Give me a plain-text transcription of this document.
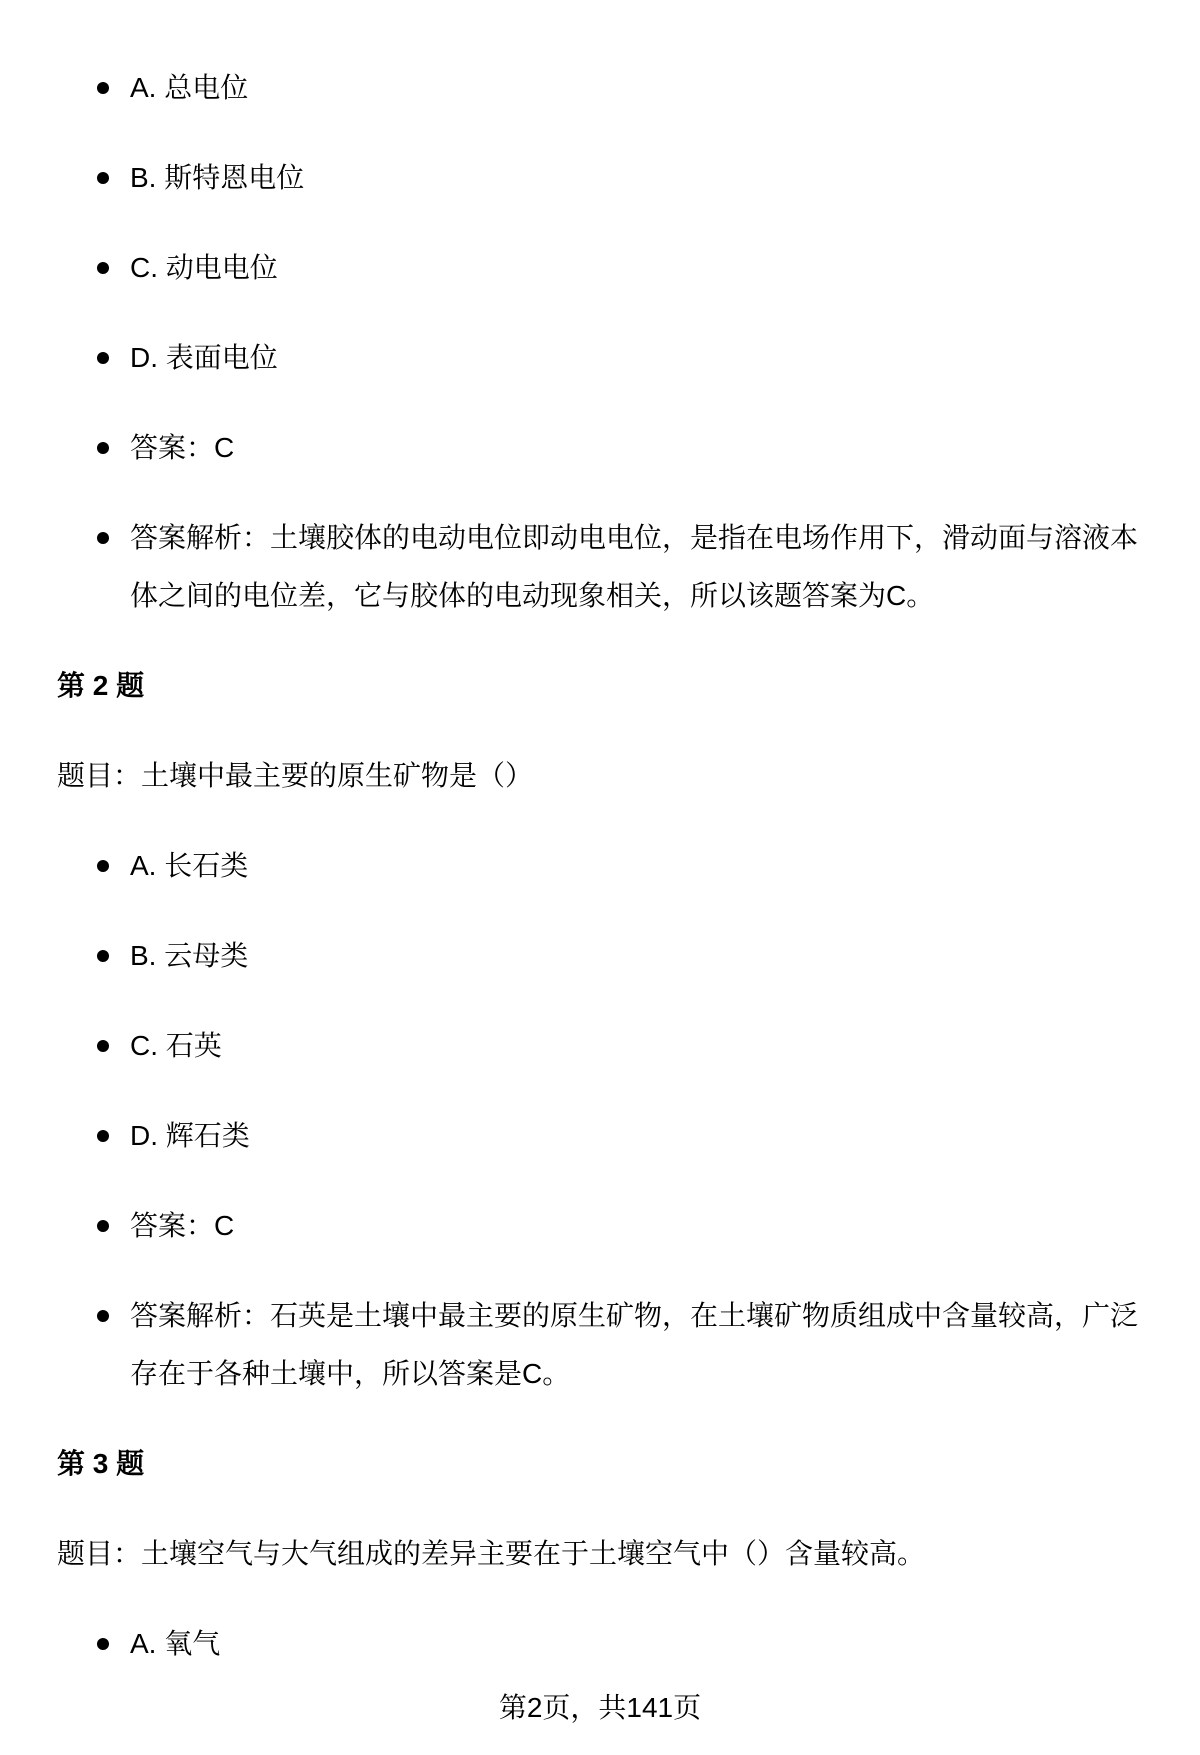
A. 总电位
B. 斯特恩电位
C. 动电电位
D. 表面电位
答案：C
答案解析：土壤胶体的电动电位即动电电位，是指在电场作用下，滑动面与溶液本体之间的电位差，它与胶体的电动现象相关，所以该题答案为C。
第 2 题
题目：土壤中最主要的原生矿物是（）
A. 长石类
B. 云母类
C. 石英
D. 辉石类
答案：C
答案解析：石英是土壤中最主要的原生矿物，在土壤矿物质组成中含量较高，广泛存在于各种土壤中，所以答案是C。
第 3 题
题目：土壤空气与大气组成的差异主要在于土壤空气中（）含量较高。
A. 氧气
第2页，共141页
